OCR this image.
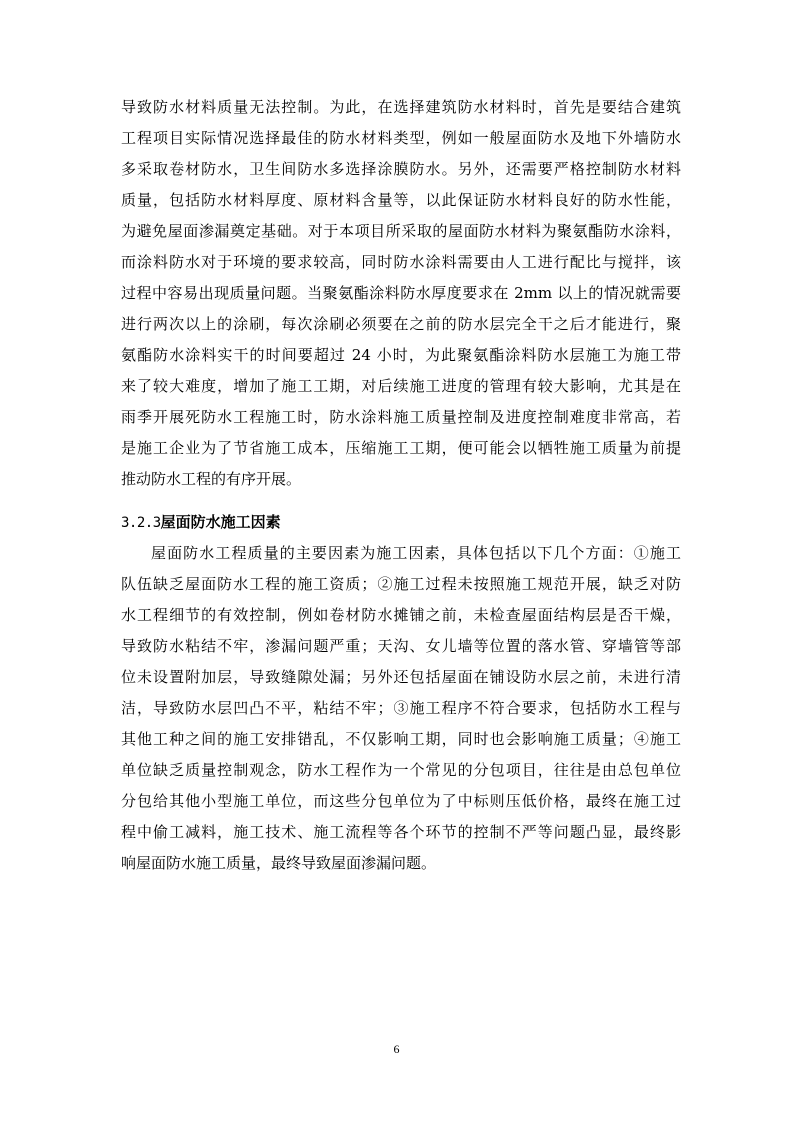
导致防水材料质量无法控制。为此，在选择建筑防水材料时，首先是要结合建筑
工程项目实际情况选择最佳的防水材料类型，例如一般屋面防水及地下外墙防水
多采取卷材防水，卫生间防水多选择涂膜防水。另外，还需要严格控制防水材料
质量，包括防水材料厚度、原材料含量等，以此保证防水材料良好的防水性能，
为避免屋面渗漏奠定基础。对于本项目所采取的屋面防水材料为聚氨酯防水涂料，
而涂料防水对于环境的要求较高，同时防水涂料需要由人工进行配比与搅拌，该
过程中容易出现质量问题。当聚氨酯涂料防水厚度要求在 2mm 以上的情况就需要
进行两次以上的涂刷，每次涂刷必须要在之前的防水层完全干之后才能进行，聚
氨酯防水涂料实干的时间要超过 24 小时，为此聚氨酯涂料防水层施工为施工带
来了较大难度，增加了施工工期，对后续施工进度的管理有较大影响，尤其是在
雨季开展死防水工程施工时，防水涂料施工质量控制及进度控制难度非常高，若
是施工企业为了节省施工成本，压缩施工工期，便可能会以牺牲施工质量为前提
推动防水工程的有序开展。
3.2.3屋面防水施工因素
屋面防水工程质量的主要因素为施工因素，具体包括以下几个方面：①施工
队伍缺乏屋面防水工程的施工资质；②施工过程未按照施工规范开展，缺乏对防
水工程细节的有效控制，例如卷材防水摊铺之前，未检查屋面结构层是否干燥，
导致防水粘结不牢，渗漏问题严重；天沟、女儿墙等位置的落水管、穿墙管等部
位未设置附加层，导致缝隙处漏；另外还包括屋面在铺设防水层之前，未进行清
洁，导致防水层凹凸不平，粘结不牢；③施工程序不符合要求，包括防水工程与
其他工种之间的施工安排错乱，不仅影响工期，同时也会影响施工质量；④施工
单位缺乏质量控制观念，防水工程作为一个常见的分包项目，往往是由总包单位
分包给其他小型施工单位，而这些分包单位为了中标则压低价格，最终在施工过
程中偷工减料，施工技术、施工流程等各个环节的控制不严等问题凸显，最终影
响屋面防水施工质量，最终导致屋面渗漏问题。
6
